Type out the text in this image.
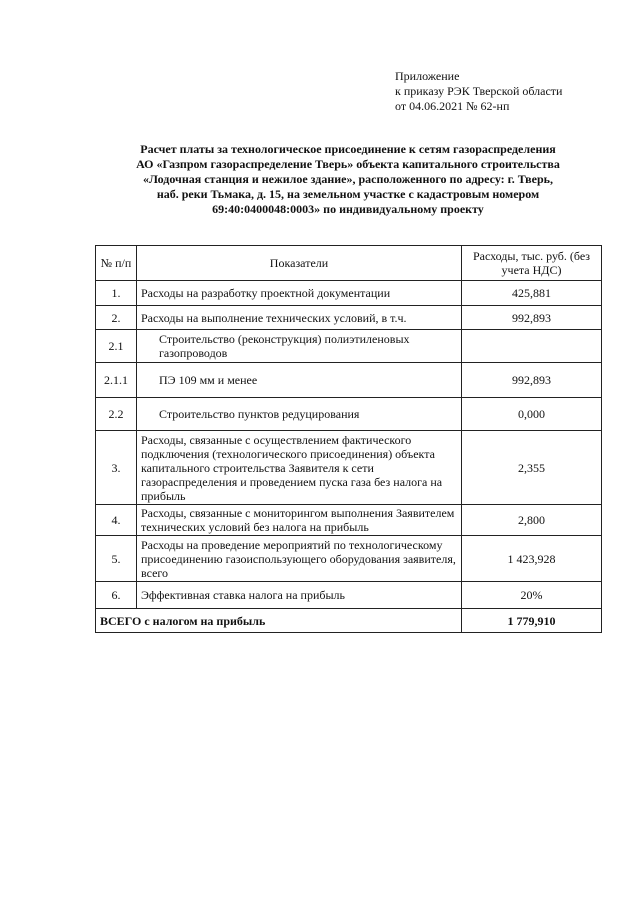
Приложение
к приказу РЭК Тверской области
от 04.06.2021 № 62-нп
Расчет платы за технологическое присоединение к сетям газораспределения
АО «Газпром газораспределение Тверь» объекта капитального строительства
«Лодочная станция и нежилое здание», расположенного по адресу: г. Тверь,
наб. реки Тьмака, д. 15, на земельном участке с кадастровым номером
69:40:0400048:0003» по индивидуальному проекту
№ п/п	Показатели	Расходы, тыс. руб. (без учета НДС)
1.	Расходы на разработку проектной документации	425,881
2.	Расходы на выполнение технических условий, в т.ч.	992,893
2.1	Строительство (реконструкция) полиэтиленовых газопроводов	
2.1.1	ПЭ 109 мм и менее	992,893
2.2	Строительство пунктов редуцирования	0,000
3.	Расходы, связанные с осуществлением фактического подключения (технологического присоединения) объекта капитального строительства Заявителя к сети газораспределения и проведением пуска газа без налога на прибыль	2,355
4.	Расходы, связанные с мониторингом выполнения Заявителем технических условий без налога на прибыль	2,800
5.	Расходы на проведение мероприятий по технологическому присоединению газоиспользующего оборудования заявителя, всего	1 423,928
6.	Эффективная ставка налога на прибыль	20%
ВСЕГО с налогом на прибыль		1 779,910
